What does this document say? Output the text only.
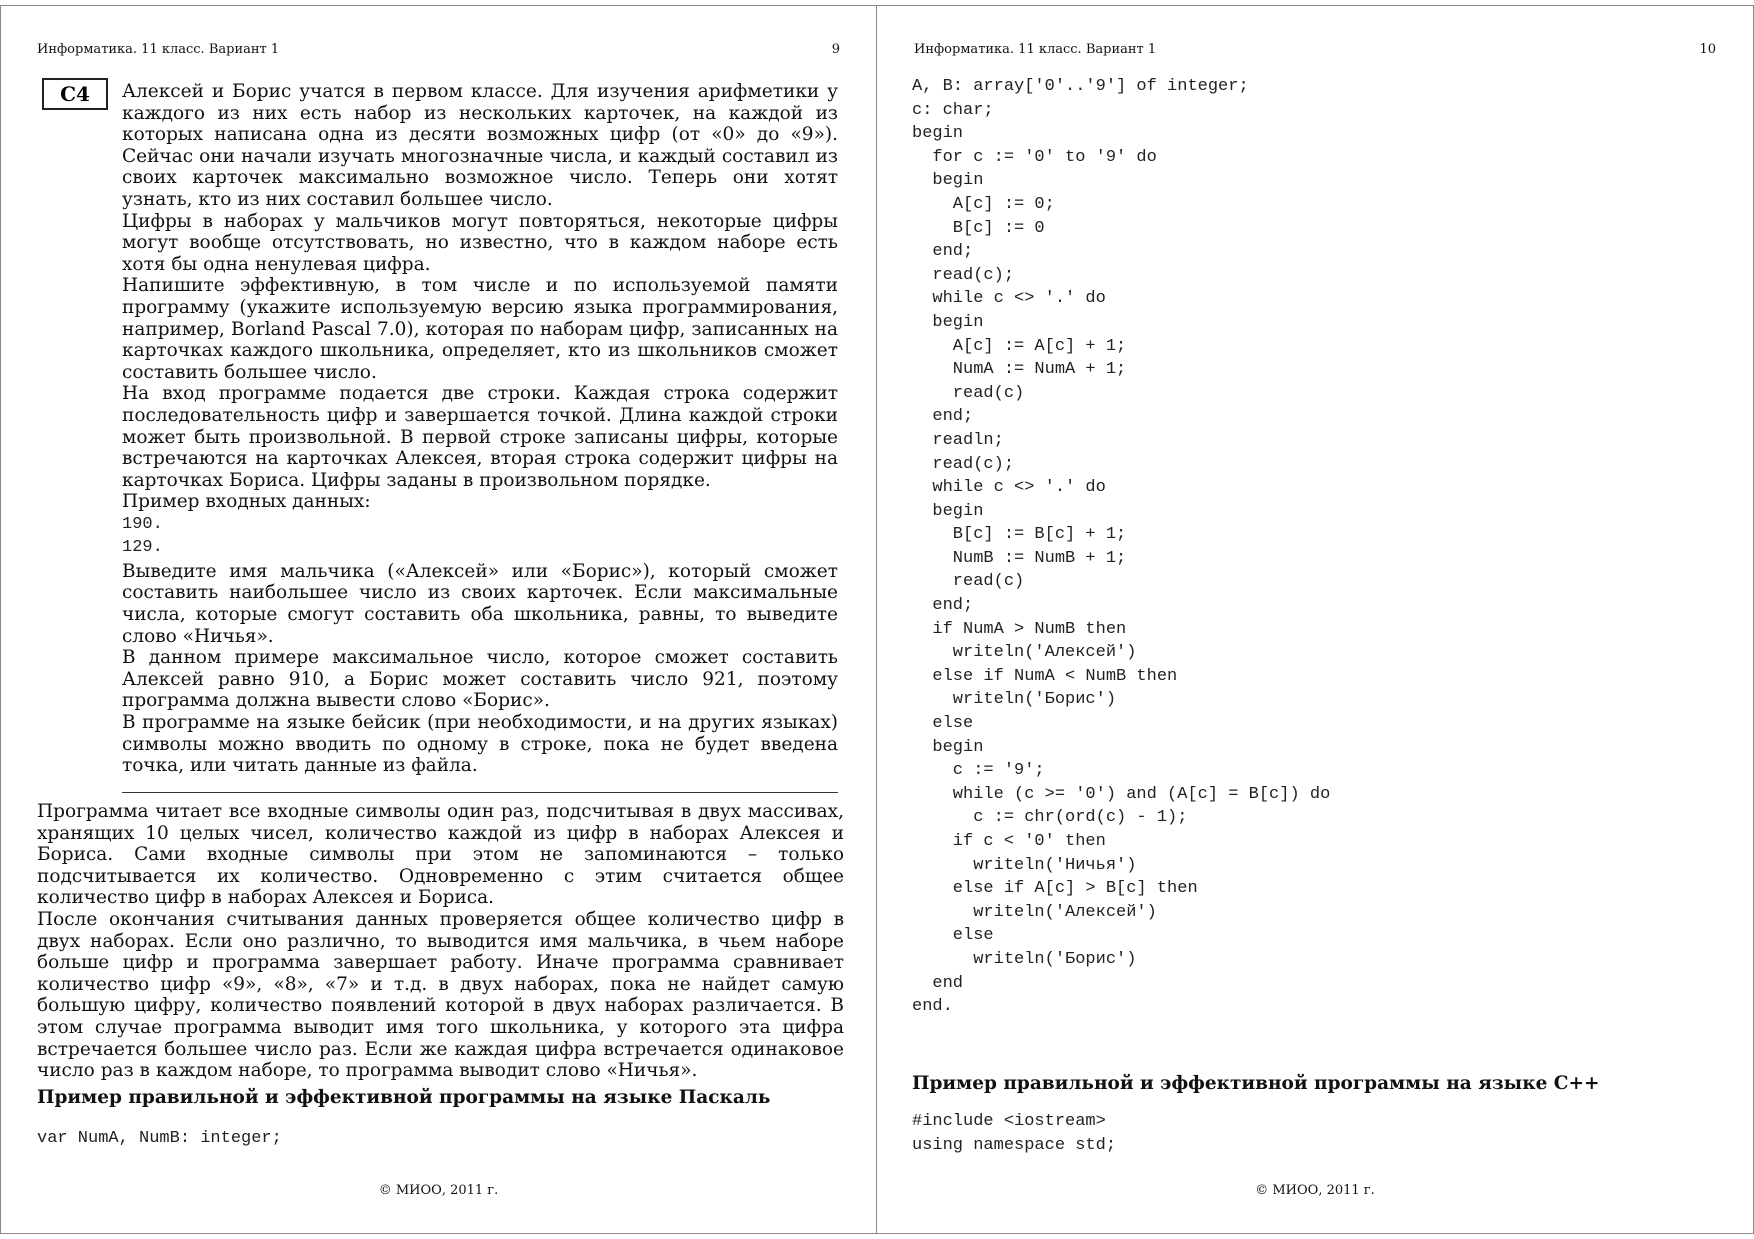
Информатика. 11 класс. Вариант 1	9
C4	Алексей и Борис учатся в первом классе. Для изучения арифметики у каждого из них есть набор из нескольких карточек, на каждой из которых написана одна из десяти возможных цифр (от «0» до «9»). Сейчас они начали изучать многозначные числа, и каждый составил из своих карточек максимально возможное число. Теперь они хотят узнать, кто из них составил большее число.

Цифры в наборах у мальчиков могут повторяться, некоторые цифры могут вообще отсутствовать, но известно, что в каждом наборе есть хотя бы одна ненулевая цифра.

Напишите эффективную, в том числе и по используемой памяти программу (укажите используемую версию языка программирования, например, Borland Pascal 7.0), которая по наборам цифр, записанных на карточках каждого школьника, определяет, кто из школьников сможет составить большее число.

На вход программе подается две строки. Каждая строка содержит последовательность цифр и завершается точкой. Длина каждой строки может быть произвольной. В первой строке записаны цифры, которые встречаются на карточках Алексея, вторая строка содержит цифры на карточках Бориса. Цифры заданы в произвольном порядке.

Пример входных данных:

190.

129.

Выведите имя мальчика («Алексей» или «Борис»), который сможет составить наибольшее число из своих карточек. Если максимальные числа, которые смогут составить оба школьника, равны, то выведите слово «Ничья».

В данном примере максимальное число, которое сможет составить Алексей равно 910, а Борис может составить число 921, поэтому программа должна вывести слово «Борис».

В программе на языке бейсик (при необходимости, и на других языках) символы можно вводить по одному в строке, пока не будет введена точка, или читать данные из файла.

Программа читает все входные символы один раз, подсчитывая в двух массивах, хранящих 10 целых чисел, количество каждой из цифр в наборах Алексея и Бориса. Сами входные символы при этом не запоминаются – только подсчитывается их количество. Одновременно с этим считается общее количество цифр в наборах Алексея и Бориса.

После окончания считывания данных проверяется общее количество цифр в двух наборах. Если оно различно, то выводится имя мальчика, в чьем наборе больше цифр и программа завершает работу. Иначе программа сравнивает количество цифр «9», «8», «7» и т.д. в двух наборах, пока не найдет самую большую цифру, количество появлений которой в двух наборах различается. В этом случае программа выводит имя того школьника, у которого эта цифра встречается большее число раз. Если же каждая цифра встречается одинаковое число раз в каждом наборе, то программа выводит слово «Ничья».

Пример правильной и эффективной программы на языке Паскаль
var NumA, NumB: integer;
© МИОО, 2011 г.
Информатика. 11 класс. Вариант 1	10
A, B: array['0'..'9'] of integer;
c: char;
begin
for c := '0' to '9' do
begin
A[c] := 0;
B[c] := 0
end;
read(c);
while c <> '.' do
begin
A[c] := A[c] + 1;
NumA := NumA + 1;
read(c)
end;
readln;
read(c);
while c <> '.' do
begin
B[c] := B[c] + 1;
NumB := NumB + 1;
read(c)
end;
if NumA > NumB then
writeln('Алексей')
else if NumA < NumB then
writeln('Борис')
else
begin
c := '9';
while (c >= '0') and (A[c] = B[c]) do
c := chr(ord(c) - 1);
if c < '0' then
writeln('Ничья')
else if A[c] > B[c] then
writeln('Алексей')
else
writeln('Борис')
end
end.
Пример правильной и эффективной программы на языке С++
#include <iostream>
using namespace std;
© МИОО, 2011 г.
